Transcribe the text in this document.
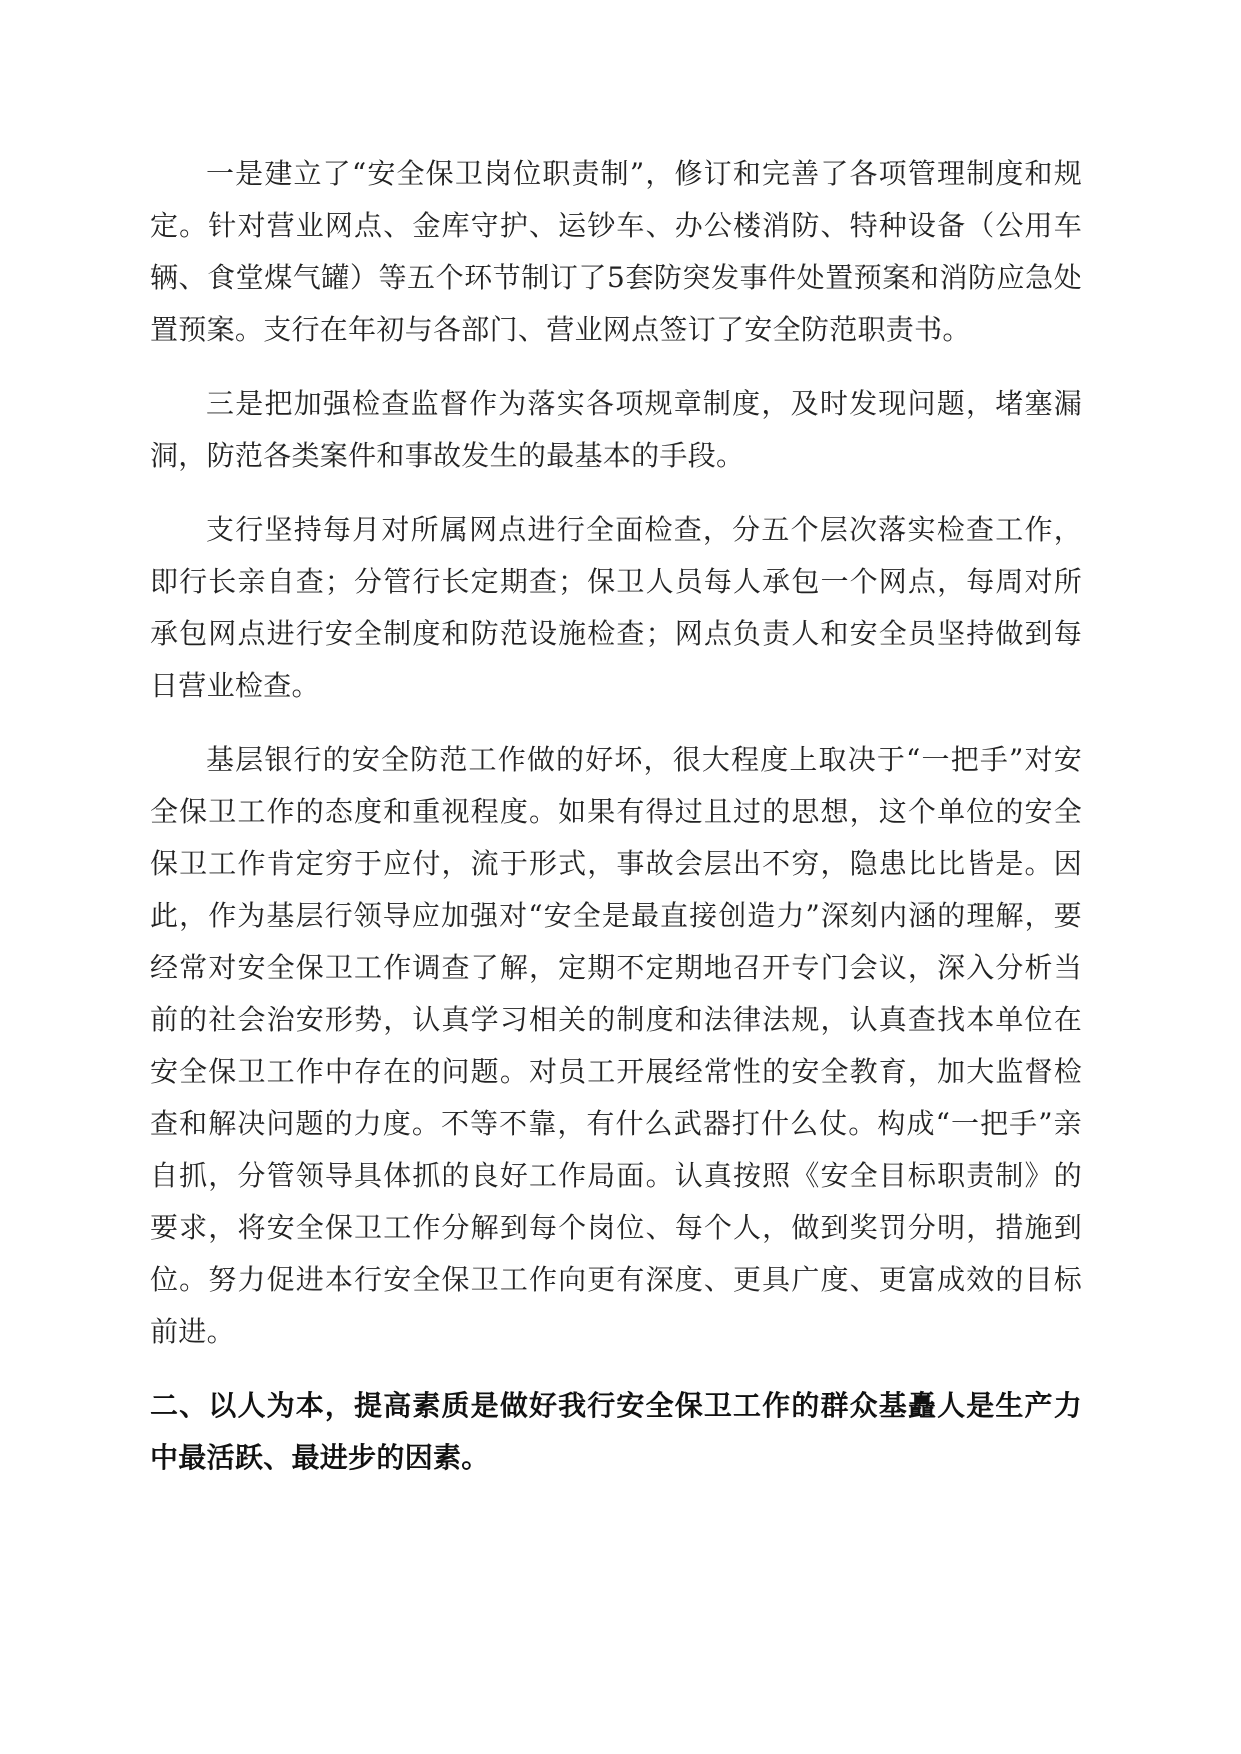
一是建立了“安全保卫岗位职责制”，修订和完善了各项管理制度和规定。针对营业网点、金库守护、运钞车、办公楼消防、特种设备（公用车辆、食堂煤气罐）等五个环节制订了5套防突发事件处置预案和消防应急处置预案。支行在年初与各部门、营业网点签订了安全防范职责书。

三是把加强检查监督作为落实各项规章制度，及时发现问题，堵塞漏洞，防范各类案件和事故发生的最基本的手段。

支行坚持每月对所属网点进行全面检查，分五个层次落实检查工作，即行长亲自查；分管行长定期查；保卫人员每人承包一个网点，每周对所承包网点进行安全制度和防范设施检查；网点负责人和安全员坚持做到每日营业检查。

基层银行的安全防范工作做的好坏，很大程度上取决于“一把手”对安全保卫工作的态度和重视程度。如果有得过且过的思想，这个单位的安全保卫工作肯定穷于应付，流于形式，事故会层出不穷，隐患比比皆是。因此，作为基层行领导应加强对“安全是最直接创造力”深刻内涵的理解，要经常对安全保卫工作调查了解，定期不定期地召开专门会议，深入分析当前的社会治安形势，认真学习相关的制度和法律法规，认真查找本单位在安全保卫工作中存在的问题。对员工开展经常性的安全教育，加大监督检查和解决问题的力度。不等不靠，有什么武器打什么仗。构成“一把手”亲自抓，分管领导具体抓的良好工作局面。认真按照《安全目标职责制》的要求，将安全保卫工作分解到每个岗位、每个人，做到奖罚分明，措施到位。努力促进本行安全保卫工作向更有深度、更具广度、更富成效的目标前进。

二、以人为本，提高素质是做好我行安全保卫工作的群众基矗人是生产力中最活跃、最进步的因素。
